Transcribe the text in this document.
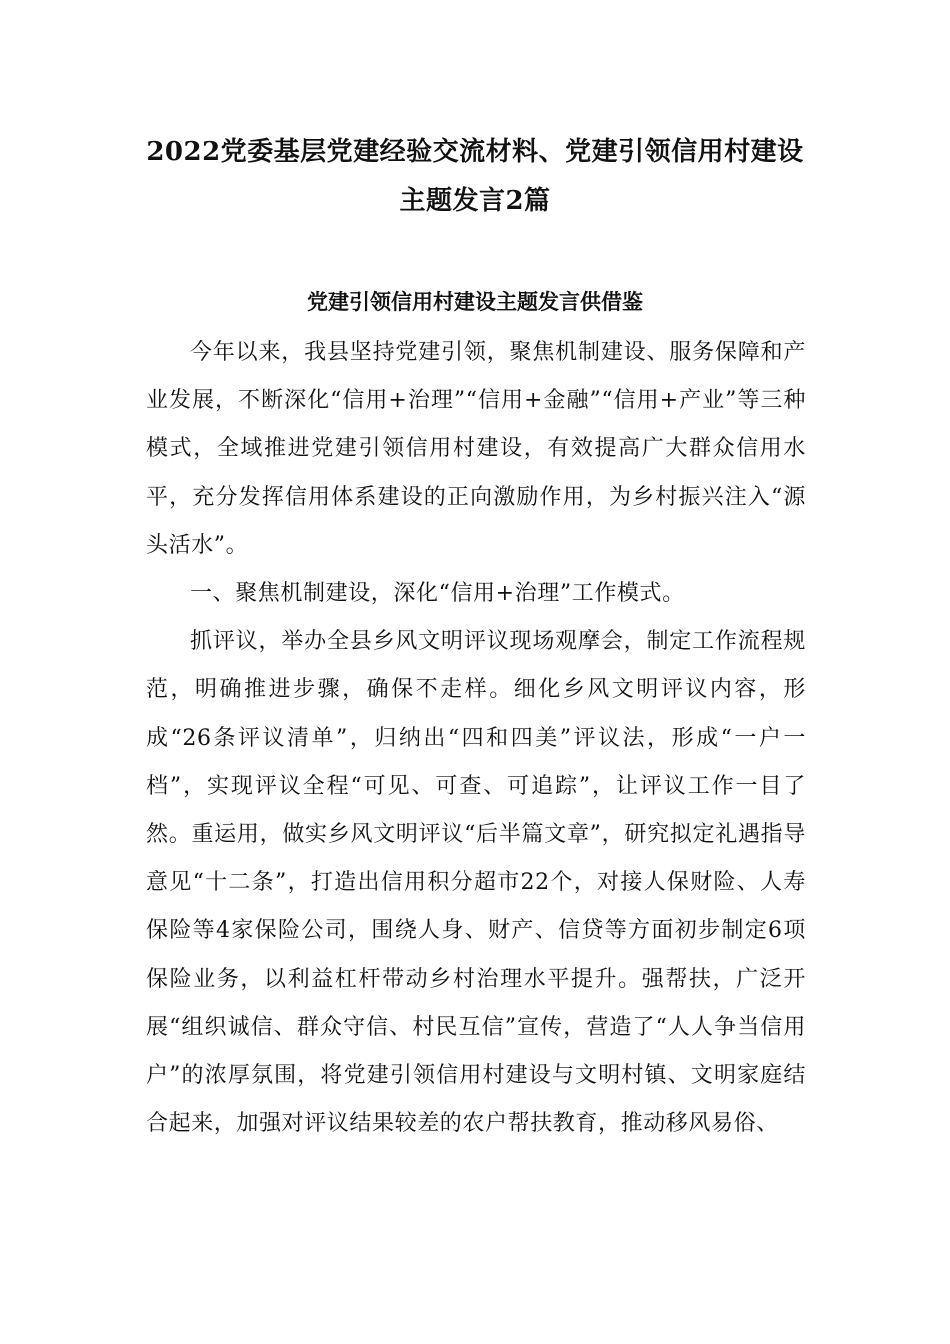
2022党委基层党建经验交流材料、党建引领信用村建设主题发言2篇
党建引领信用村建设主题发言供借鉴

今年以来，我县坚持党建引领，聚焦机制建设、服务保障和产业发展，不断深化“信用+治理”“信用+金融”“信用+产业”等三种模式，全域推进党建引领信用村建设，有效提高广大群众信用水平，充分发挥信用体系建设的正向激励作用，为乡村振兴注入“源头活水”。

一、聚焦机制建设，深化“信用+治理”工作模式。

抓评议，举办全县乡风文明评议现场观摩会，制定工作流程规范，明确推进步骤，确保不走样。细化乡风文明评议内容，形成“26条评议清单”，归纳出“四和四美”评议法，形成“一户一档”，实现评议全程“可见、可查、可追踪”，让评议工作一目了然。重运用，做实乡风文明评议“后半篇文章”，研究拟定礼遇指导意见“十二条”，打造出信用积分超市22个，对接人保财险、人寿保险等4家保险公司，围绕人身、财产、信贷等方面初步制定6项保险业务，以利益杠杆带动乡村治理水平提升。强帮扶，广泛开展“组织诚信、群众守信、村民互信”宣传，营造了“人人争当信用户”的浓厚氛围，将党建引领信用村建设与文明村镇、文明家庭结合起来，加强对评议结果较差的农户帮扶教育，推动移风易俗、
